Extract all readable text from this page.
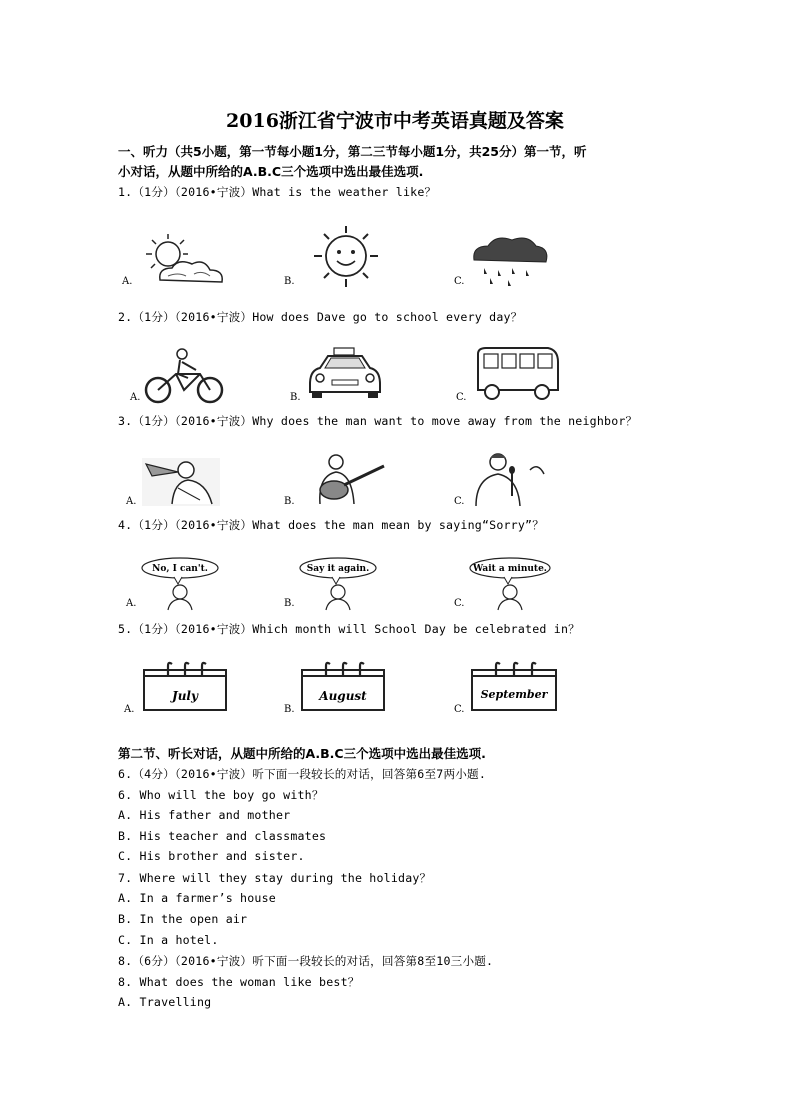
2016浙江省宁波市中考英语真题及答案
一、听力（共5小题，第一节每小题1分，第二三节每小题1分，共25分）第一节，听
小对话，从题中所给的A.B.C三个选项中选出最佳选项.
1.（1分）（2016•宁波）What is the weather like？
A.	B.	C.
2.（1分）（2016•宁波）How does Dave go to school every day？
A.	B.	C.
3.（1分）（2016•宁波）Why does the man want to move away from the neighbor？
A.	B.	C.
4.（1分）（2016•宁波）What does the man mean by saying“Sorry”？
A.
No, I can't.
B.
Say it again.
C.
Wait a minute.
5.（1分）（2016•宁波）Which month will School Day be celebrated in？
A.
July
B.
August
C.
September
第二节、听长对话，从题中所给的A.B.C三个选项中选出最佳选项.
6.（4分）（2016•宁波）听下面一段较长的对话，回答第6至7两小题.
6. Who will the boy go with？
A. His father and mother
B. His teacher and classmates
C. His brother and sister.
7. Where will they stay during the holiday？
A. In a farmer’s house
B. In the open air
C. In a hotel.
8.（6分）（2016•宁波）听下面一段较长的对话，回答第8至10三小题.
8. What does the woman like best？
A. Travelling
